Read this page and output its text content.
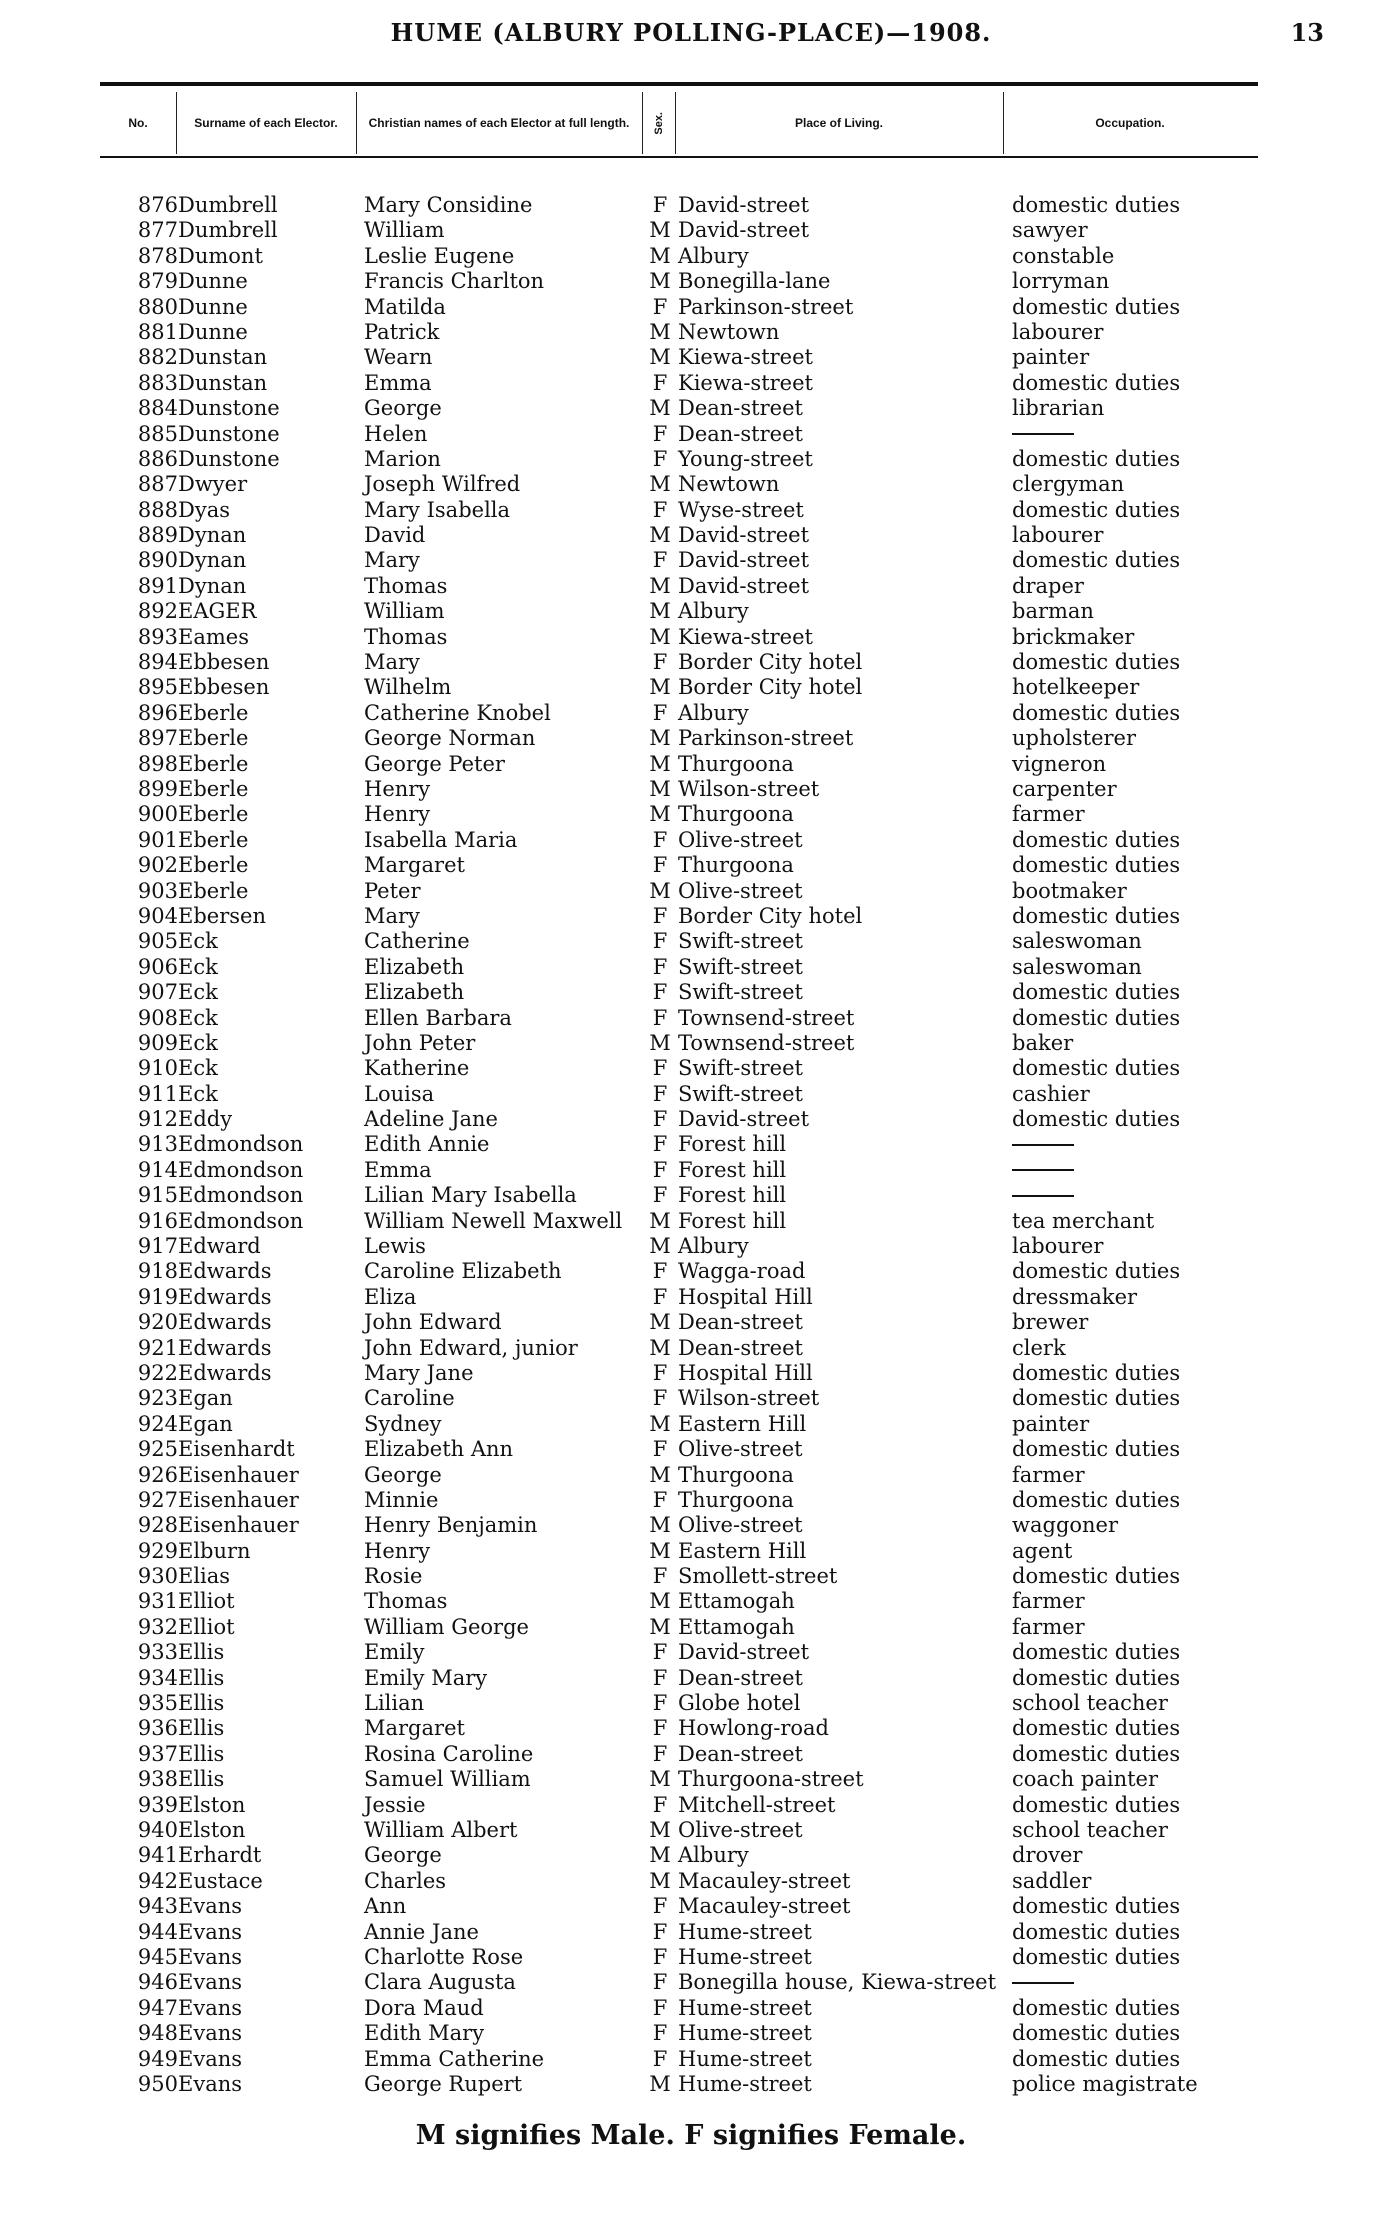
HUME (ALBURY POLLING-PLACE)—1908.	13
No.	Surname of each Elector.	Christian names of each Elector at full length.	Sex.	Place of Living.	Occupation.
876 Dumbrell	Mary Considine	F David-street	domestic duties
877 Dumbrell	William	M David-street	sawyer
878 Dumont	Leslie Eugene	M Albury	constable
879 Dunne	Francis Charlton	M Bonegilla-lane	lorryman
880 Dunne	Matilda	F Parkinson-street	domestic duties
881 Dunne	Patrick	M Newtown	labourer
882 Dunstan	Wearn	M Kiewa-street	painter
883 Dunstan	Emma	F Kiewa-street	domestic duties
884 Dunstone	George	M Dean-street	librarian
885 Dunstone	Helen	F Dean-street
886 Dunstone	Marion	F Young-street	domestic duties
887 Dwyer	Joseph Wilfred	M Newtown	clergyman
888 Dyas	Mary Isabella	F Wyse-street	domestic duties
889 Dynan	David	M David-street	labourer
890 Dynan	Mary	F David-street	domestic duties
891 Dynan	Thomas	M David-street	draper
892 EAGER	William	M Albury	barman
893 Eames	Thomas	M Kiewa-street	brickmaker
894 Ebbesen	Mary	F Border City hotel	domestic duties
895 Ebbesen	Wilhelm	M Border City hotel	hotelkeeper
896 Eberle	Catherine Knobel	F Albury	domestic duties
897 Eberle	George Norman	M Parkinson-street	upholsterer
898 Eberle	George Peter	M Thurgoona	vigneron
899 Eberle	Henry	M Wilson-street	carpenter
900 Eberle	Henry	M Thurgoona	farmer
901 Eberle	Isabella Maria	F Olive-street	domestic duties
902 Eberle	Margaret	F Thurgoona	domestic duties
903 Eberle	Peter	M Olive-street	bootmaker
904 Ebersen	Mary	F Border City hotel	domestic duties
905 Eck	Catherine	F Swift-street	saleswoman
906 Eck	Elizabeth	F Swift-street	saleswoman
907 Eck	Elizabeth	F Swift-street	domestic duties
908 Eck	Ellen Barbara	F Townsend-street	domestic duties
909 Eck	John Peter	M Townsend-street	baker
910 Eck	Katherine	F Swift-street	domestic duties
911 Eck	Louisa	F Swift-street	cashier
912 Eddy	Adeline Jane	F David-street	domestic duties
913 Edmondson	Edith Annie	F Forest hill
914 Edmondson	Emma	F Forest hill
915 Edmondson	Lilian Mary Isabella	F Forest hill
916 Edmondson	William Newell Maxwell M Forest hill	tea merchant
917 Edward	Lewis	M Albury	labourer
918 Edwards	Caroline Elizabeth	F Wagga-road	domestic duties
919 Edwards	Eliza	F Hospital Hill	dressmaker
920 Edwards	John Edward	M Dean-street	brewer
921 Edwards	John Edward, junior	M Dean-street	clerk
922 Edwards	Mary Jane	F Hospital Hill	domestic duties
923 Egan	Caroline	F Wilson-street	domestic duties
924 Egan	Sydney	M Eastern Hill	painter
925 Eisenhardt	Elizabeth Ann	F Olive-street	domestic duties
926 Eisenhauer	George	M Thurgoona	farmer
927 Eisenhauer	Minnie	F Thurgoona	domestic duties
928 Eisenhauer	Henry Benjamin	M Olive-street	waggoner
929 Elburn	Henry	M Eastern Hill	agent
930 Elias	Rosie	F Smollett-street	domestic duties
931 Elliot	Thomas	M Ettamogah	farmer
932 Elliot	William George	M Ettamogah	farmer
933 Ellis	Emily	F David-street	domestic duties
934 Ellis	Emily Mary	F Dean-street	domestic duties
935 Ellis	Lilian	F Globe hotel	school teacher
936 Ellis	Margaret	F Howlong-road	domestic duties
937 Ellis	Rosina Caroline	F Dean-street	domestic duties
938 Ellis	Samuel William	M Thurgoona-street	coach painter
939 Elston	Jessie	F Mitchell-street	domestic duties
940 Elston	William Albert	M Olive-street	school teacher
941 Erhardt	George	M Albury	drover
942 Eustace	Charles	M Macauley-street	saddler
943 Evans	Ann	F Macauley-street	domestic duties
944 Evans	Annie Jane	F Hume-street	domestic duties
945 Evans	Charlotte Rose	F Hume-street	domestic duties
946 Evans	Clara Augusta	F Bonegilla house, Kiewa-street
947 Evans	Dora Maud	F Hume-street	domestic duties
948 Evans	Edith Mary	F Hume-street	domestic duties
949 Evans	Emma Catherine	F Hume-street	domestic duties
950 Evans	George Rupert	M Hume-street	police magistrate
M signifies Male. F signifies Female.
